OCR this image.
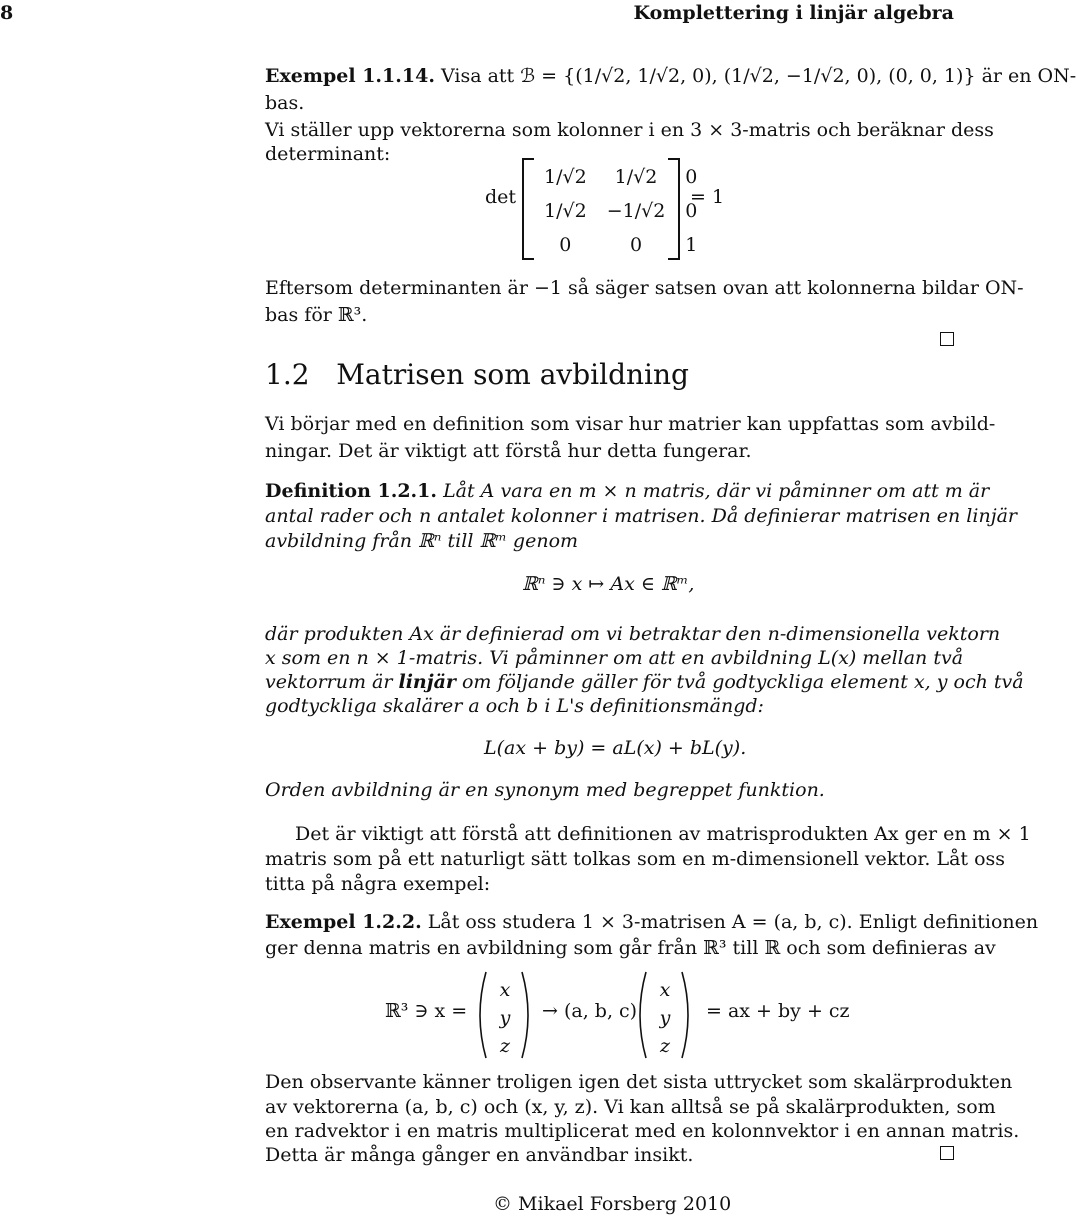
8	Komplettering i linjär algebra
Exempel 1.1.14. Visa att ℬ = {(1/√2, 1/√2, 0), (1/√2, −1/√2, 0), (0, 0, 1)} är en ON-
bas.
Vi ställer upp vektorerna som kolonner i en 3 × 3-matris och beräknar dess
determinant:
det
1/√2	1/√2	0
1/√2	−1/√2	0
0	0	1
= 1
Eftersom determinanten är −1 så säger satsen ovan att kolonnerna bildar ON-
bas för ℝ³.
1.2 Matrisen som avbildning
Vi börjar med en definition som visar hur matrier kan uppfattas som avbild-
ningar. Det är viktigt att förstå hur detta fungerar.
Definition 1.2.1. Låt A vara en m × n matris, där vi påminner om att m är
antal rader och n antalet kolonner i matrisen. Då definierar matrisen en linjär
avbildning från ℝⁿ till ℝᵐ genom
ℝⁿ ∋ x ↦ Ax ∈ ℝᵐ,
där produkten Ax är definierad om vi betraktar den n-dimensionella vektorn
x som en n × 1-matris. Vi påminner om att en avbildning L(x) mellan två
vektorrum är linjär om följande gäller för två godtyckliga element x, y och två
godtyckliga skalärer a och b i L's definitionsmängd:
L(ax + by) = aL(x) + bL(y).
Orden avbildning är en synonym med begreppet funktion.
Det är viktigt att förstå att definitionen av matrisprodukten Ax ger en m × 1
matris som på ett naturligt sätt tolkas som en m-dimensionell vektor. Låt oss
titta på några exempel:
Exempel 1.2.2. Låt oss studera 1 × 3-matrisen A = (a, b, c). Enligt definitionen
ger denna matris en avbildning som går från ℝ³ till ℝ och som definieras av
ℝ³ ∋ x =
x
y
z
→ (a, b, c)
x
y
z
= ax + by + cz
Den observante känner troligen igen det sista uttrycket som skalärprodukten
av vektorerna (a, b, c) och (x, y, z). Vi kan alltså se på skalärprodukten, som
en radvektor i en matris multiplicerat med en kolonnvektor i en annan matris.
Detta är många gånger en användbar insikt.
© Mikael Forsberg 2010
